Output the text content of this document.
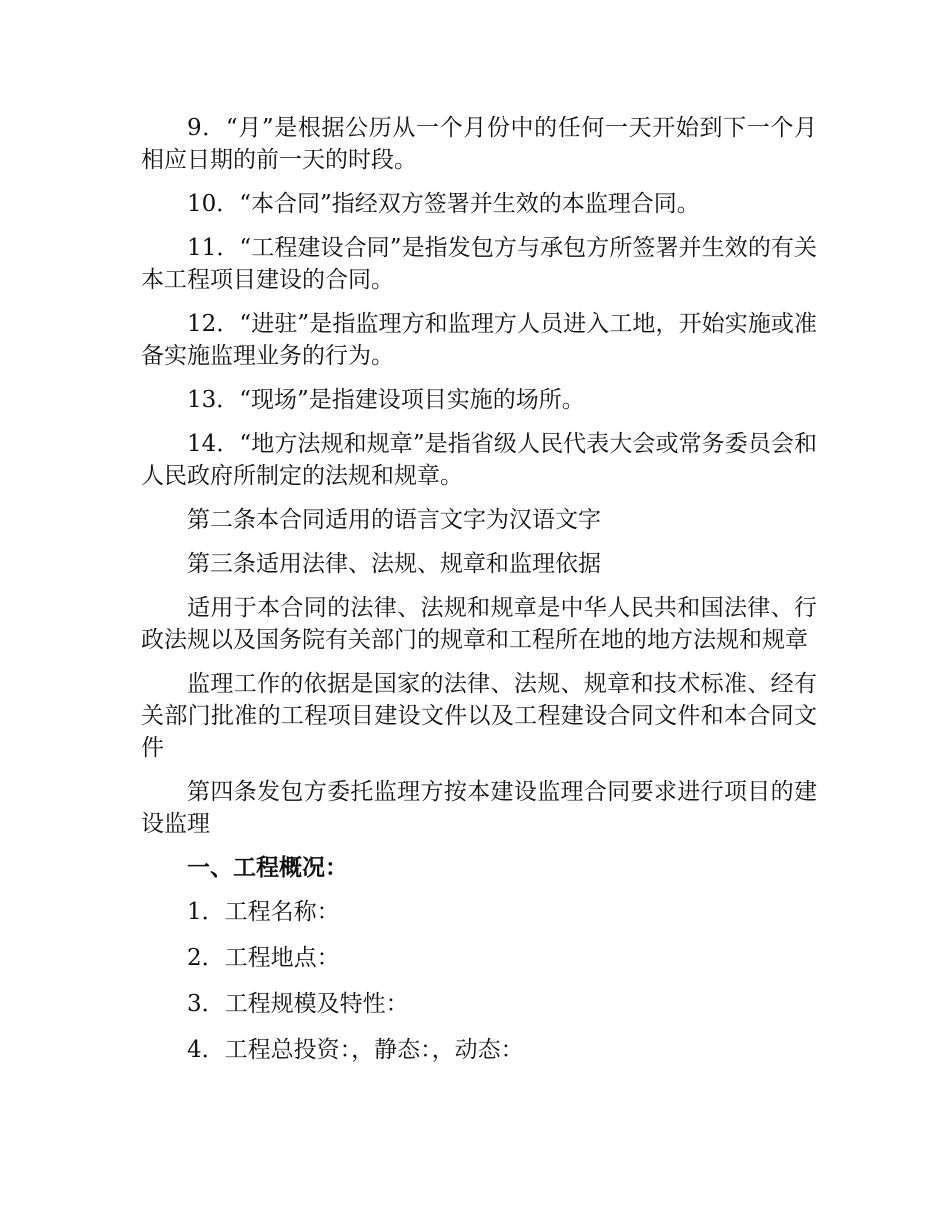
9．“月”是根据公历从一个月份中的任何一天开始到下一个月相应日期的前一天的时段。

10．“本合同”指经双方签署并生效的本监理合同。

11．“工程建设合同”是指发包方与承包方所签署并生效的有关本工程项目建设的合同。

12．“进驻”是指监理方和监理方人员进入工地，开始实施或准备实施监理业务的行为。

13．“现场”是指建设项目实施的场所。

14．“地方法规和规章”是指省级人民代表大会或常务委员会和人民政府所制定的法规和规章。

第二条本合同适用的语言文字为汉语文字

第三条适用法律、法规、规章和监理依据

适用于本合同的法律、法规和规章是中华人民共和国法律、行政法规以及国务院有关部门的规章和工程所在地的地方法规和规章

监理工作的依据是国家的法律、法规、规章和技术标准、经有关部门批准的工程项目建设文件以及工程建设合同文件和本合同文件

第四条发包方委托监理方按本建设监理合同要求进行项目的建设监理

一、工程概况：

1．工程名称：

2．工程地点：

3．工程规模及特性：

4．工程总投资：，静态：，动态：
